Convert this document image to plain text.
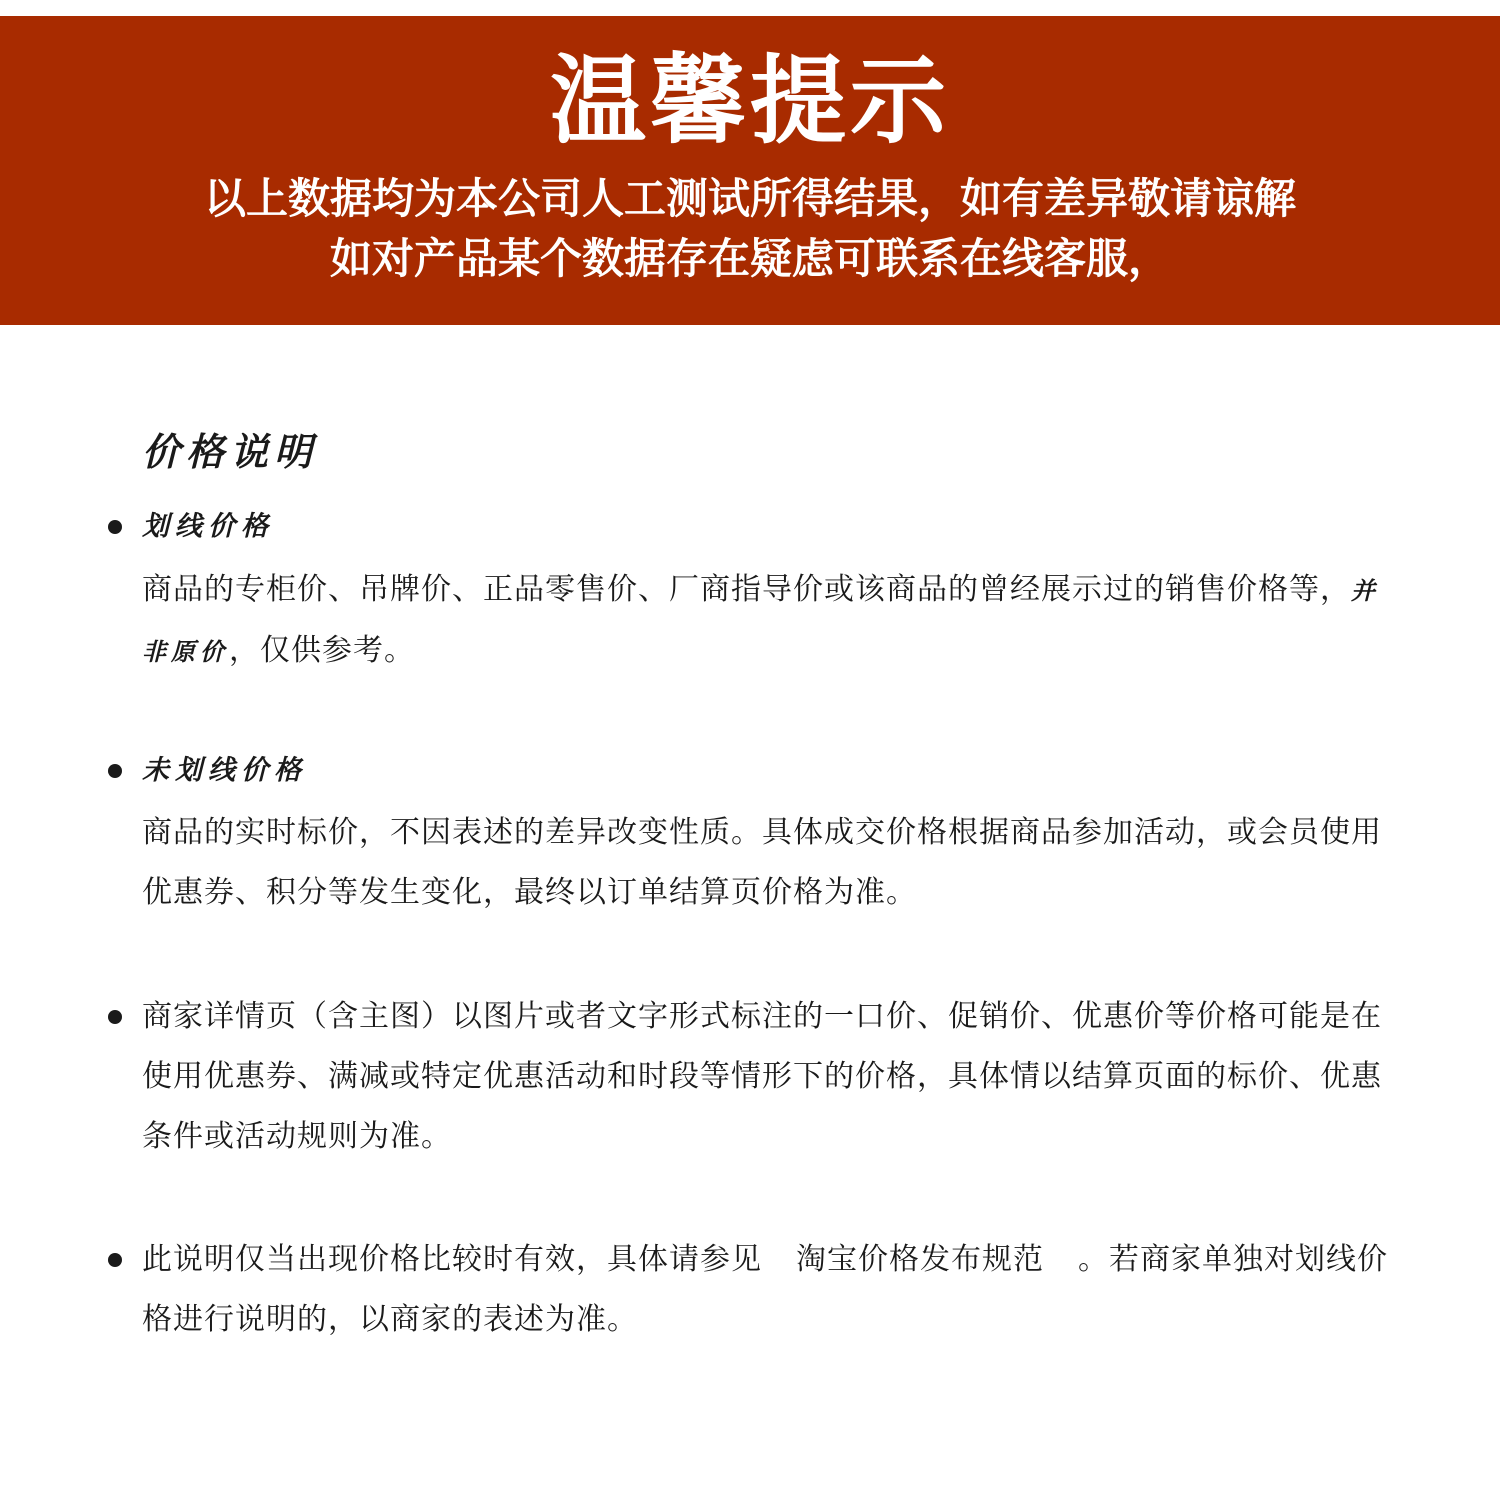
温馨提示
以上数据均为本公司人工测试所得结果，如有差异敬请谅解
如对产品某个数据存在疑虑可联系在线客服，
价格说明
划线价格
商品的专柜价、吊牌价、正品零售价、厂商指导价或该商品的曾经展示过的销售价格等，并非原价，仅供参考。
未划线价格
商品的实时标价，不因表述的差异改变性质。具体成交价格根据商品参加活动，或会员使用优惠券、积分等发生变化，最终以订单结算页价格为准。
商家详情页（含主图）以图片或者文字形式标注的一口价、促销价、优惠价等价格可能是在使用优惠券、满减或特定优惠活动和时段等情形下的价格，具体情以结算页面的标价、优惠条件或活动规则为准。
此说明仅当出现价格比较时有效，具体请参见 淘宝价格发布规范 。若商家单独对划线价格进行说明的，以商家的表述为准。
